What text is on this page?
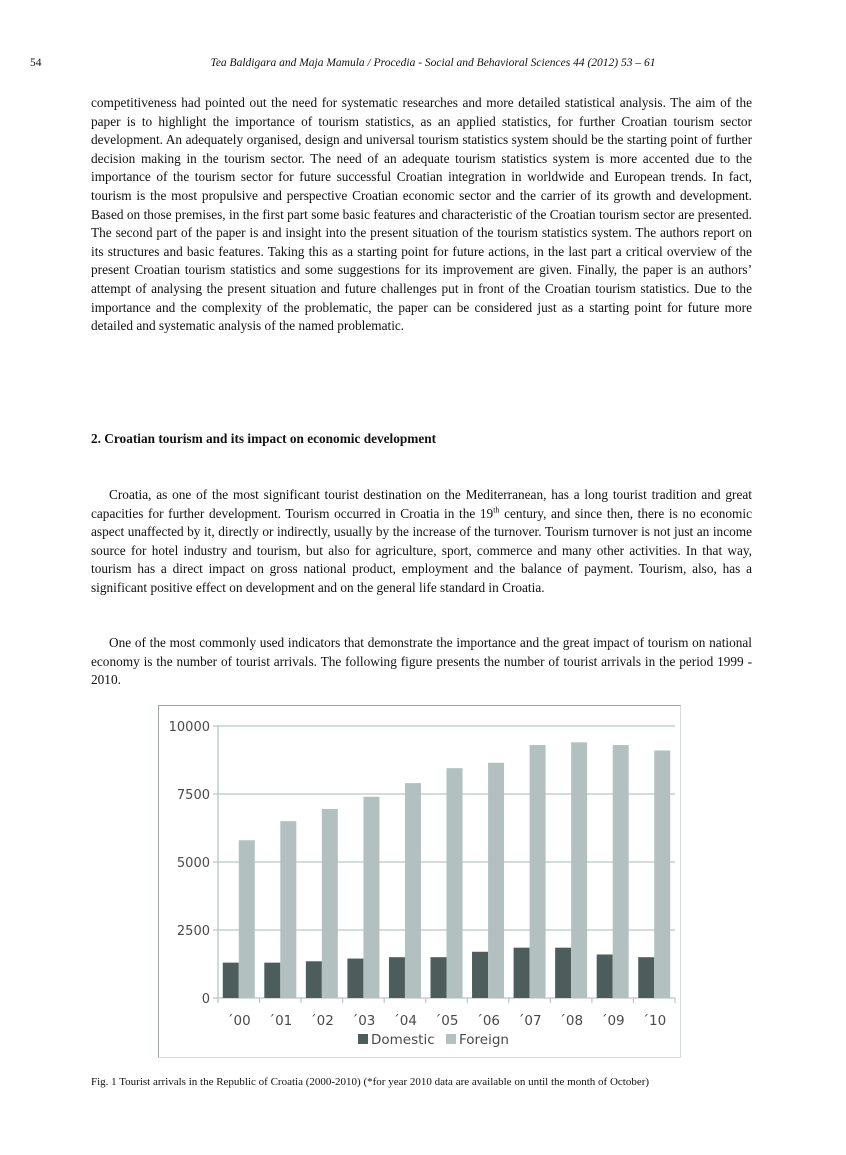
54	Tea Baldigara and Maja Mamula / Procedia - Social and Behavioral Sciences 44 (2012) 53 – 61

competitiveness had pointed out the need for systematic researches and more detailed statistical analysis. The aim of the paper is to highlight the importance of tourism statistics, as an applied statistics, for further Croatian tourism sector development. An adequately organised, design and universal tourism statistics system should be the starting point of further decision making in the tourism sector. The need of an adequate tourism statistics system is more accented due to the importance of the tourism sector for future successful Croatian integration in worldwide and European trends. In fact, tourism is the most propulsive and perspective Croatian economic sector and the carrier of its growth and development. Based on those premises, in the first part some basic features and characteristic of the Croatian tourism sector are presented. The second part of the paper is and insight into the present situation of the tourism statistics system. The authors report on its structures and basic features. Taking this as a starting point for future actions, in the last part a critical overview of the present Croatian tourism statistics and some suggestions for its improvement are given. Finally, the paper is an authors’ attempt of analysing the present situation and future challenges put in front of the Croatian tourism statistics. Due to the importance and the complexity of the problematic, the paper can be considered just as a starting point for future more detailed and systematic analysis of the named problematic.

2. Croatian tourism and its impact on economic development

Croatia, as one of the most significant tourist destination on the Mediterranean, has a long tourist tradition and great capacities for further development. Tourism occurred in Croatia in the 19th century, and since then, there is no economic aspect unaffected by it, directly or indirectly, usually by the increase of the turnover. Tourism turnover is not just an income source for hotel industry and tourism, but also for agriculture, sport, commerce and many other activities. In that way, tourism has a direct impact on gross national product, employment and the balance of payment. Tourism, also, has a significant positive effect on development and on the general life standard in Croatia.

One of the most commonly used indicators that demonstrate the importance and the great impact of tourism on national economy is the number of tourist arrivals. The following figure presents the number of tourist arrivals in the period 1999 - 2010.

0
2500
5000
7500
10000
´00 ´01 ´02 ´03 ´04 ´05 ´06 ´07 ´08 ´09 ´10
Domestic Foreign
Fig. 1 Tourist arrivals in the Republic of Croatia (2000-2010) (*for year 2010 data are available on until the month of October)
